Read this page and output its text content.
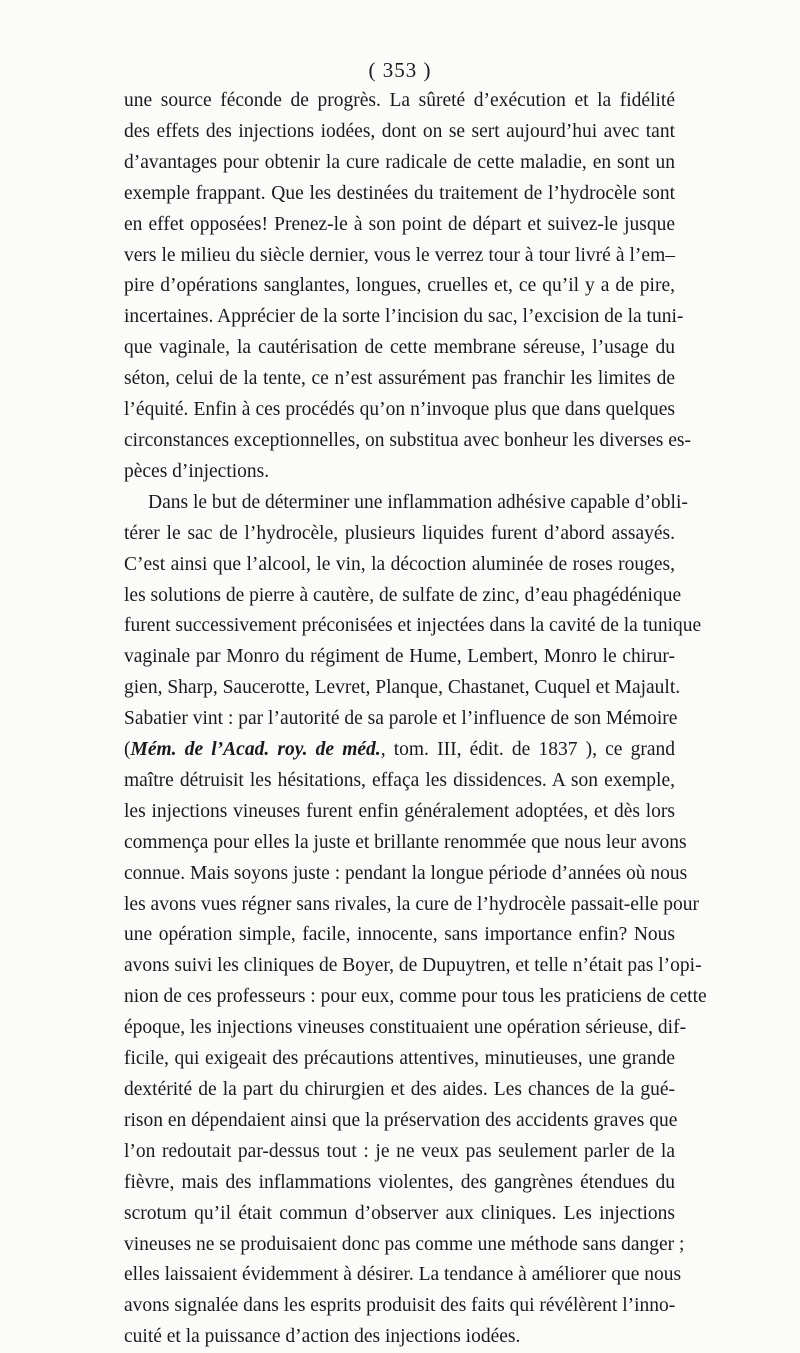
( 353 )
une source féconde de progrès. La sûreté d’exécution et la fidélité
des effets des injections iodées, dont on se sert aujourd’hui avec tant
d’avantages pour obtenir la cure radicale de cette maladie, en sont un
exemple frappant. Que les destinées du traitement de l’hydrocèle sont
en effet opposées! Prenez-le à son point de départ et suivez-le jusque
vers le milieu du siècle dernier, vous le verrez tour à tour livré à l’em–
pire d’opérations sanglantes, longues, cruelles et, ce qu’il y a de pire,
incertaines. Apprécier de la sorte l’incision du sac, l’excision de la tuni-
que vaginale, la cautérisation de cette membrane séreuse, l’usage du
séton, celui de la tente, ce n’est assurément pas franchir les limites de
l’équité. Enfin à ces procédés qu’on n’invoque plus que dans quelques
circonstances exceptionnelles, on substitua avec bonheur les diverses es-
pèces d’injections.
Dans le but de déterminer une inflammation adhésive capable d’obli-
térer le sac de l’hydrocèle, plusieurs liquides furent d’abord assayés.
C’est ainsi que l’alcool, le vin, la décoction aluminée de roses rouges,
les solutions de pierre à cautère, de sulfate de zinc, d’eau phagédénique
furent successivement préconisées et injectées dans la cavité de la tunique
vaginale par Monro du régiment de Hume, Lembert, Monro le chirur-
gien, Sharp, Saucerotte, Levret, Planque, Chastanet, Cuquel et Majault.
Sabatier vint : par l’autorité de sa parole et l’influence de son Mémoire
(Mém. de l’Acad. roy. de méd., tom. III, édit. de 1837 ), ce grand
maître détruisit les hésitations, effaça les dissidences. A son exemple,
les injections vineuses furent enfin généralement adoptées, et dès lors
commença pour elles la juste et brillante renommée que nous leur avons
connue. Mais soyons juste : pendant la longue période d’années où nous
les avons vues régner sans rivales, la cure de l’hydrocèle passait-elle pour
une opération simple, facile, innocente, sans importance enfin? Nous
avons suivi les cliniques de Boyer, de Dupuytren, et telle n’était pas l’opi-
nion de ces professeurs : pour eux, comme pour tous les praticiens de cette
époque, les injections vineuses constituaient une opération sérieuse, dif-
ficile, qui exigeait des précautions attentives, minutieuses, une grande
dextérité de la part du chirurgien et des aides. Les chances de la gué-
rison en dépendaient ainsi que la préservation des accidents graves que
l’on redoutait par-dessus tout : je ne veux pas seulement parler de la
fièvre, mais des inflammations violentes, des gangrènes étendues du
scrotum qu’il était commun d’observer aux cliniques. Les injections
vineuses ne se produisaient donc pas comme une méthode sans danger ;
elles laissaient évidemment à désirer. La tendance à améliorer que nous
avons signalée dans les esprits produisit des faits qui révélèrent l’inno-
cuité et la puissance d’action des injections iodées.
